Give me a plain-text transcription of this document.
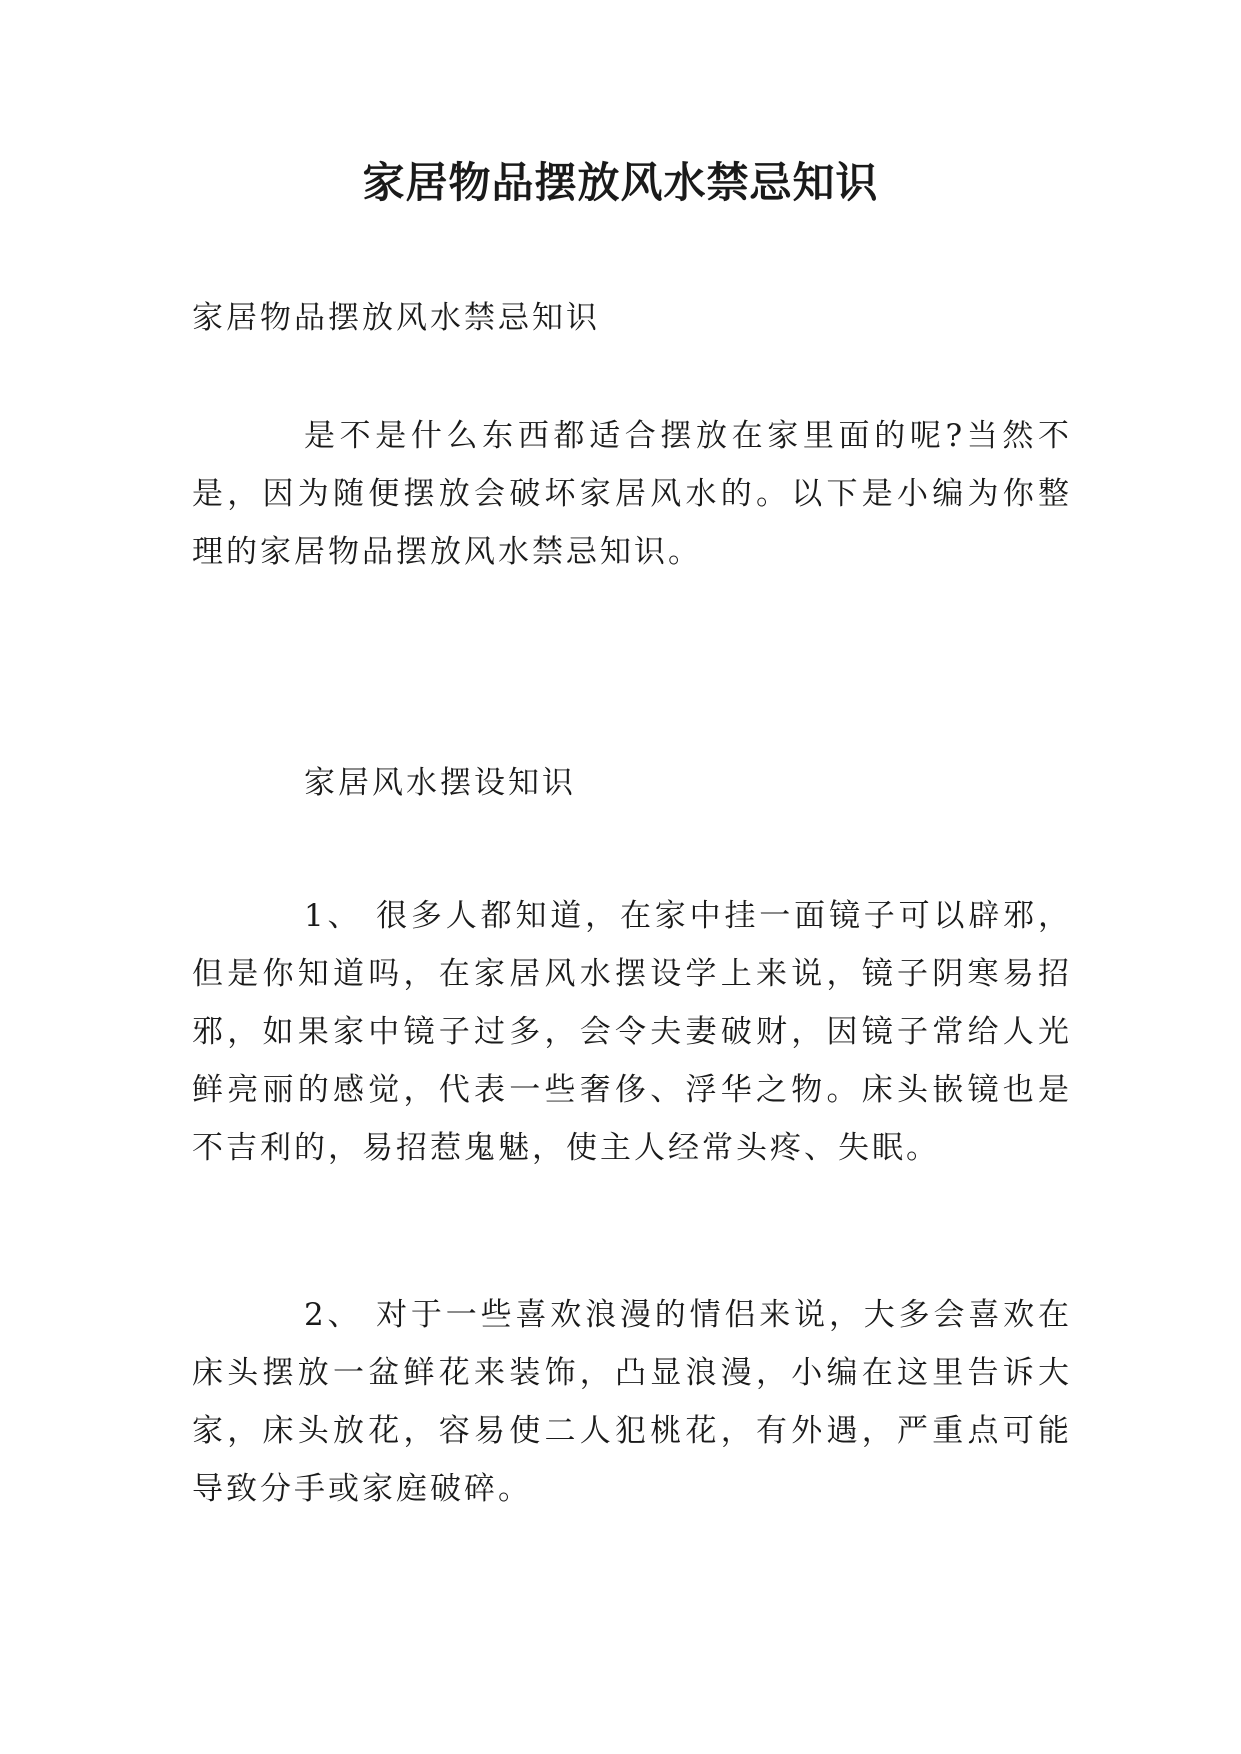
家居物品摆放风水禁忌知识

家居物品摆放风水禁忌知识

是不是什么东西都适合摆放在家里面的呢?当然不是，因为随便摆放会破坏家居风水的。以下是小编为你整理的家居物品摆放风水禁忌知识。

家居风水摆设知识

1、 很多人都知道，在家中挂一面镜子可以辟邪，但是你知道吗，在家居风水摆设学上来说，镜子阴寒易招邪，如果家中镜子过多，会令夫妻破财，因镜子常给人光鲜亮丽的感觉，代表一些奢侈、浮华之物。床头嵌镜也是不吉利的，易招惹鬼魅，使主人经常头疼、失眠。

2、 对于一些喜欢浪漫的情侣来说，大多会喜欢在床头摆放一盆鲜花来装饰，凸显浪漫，小编在这里告诉大家，床头放花，容易使二人犯桃花，有外遇，严重点可能导致分手或家庭破碎。
